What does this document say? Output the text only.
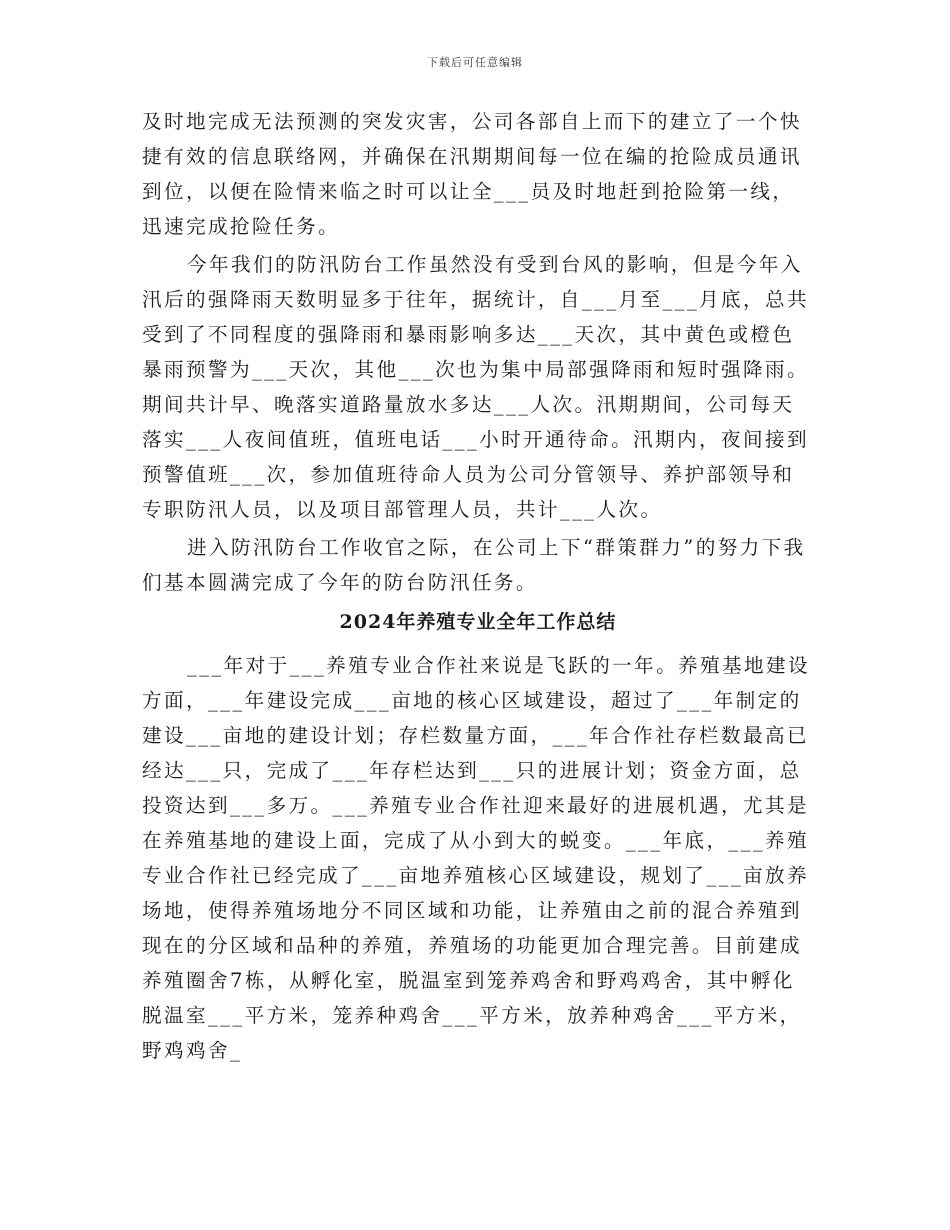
下载后可任意编辑

及时地完成无法预测的突发灾害，公司各部自上而下的建立了一个快捷有效的信息联络网，并确保在汛期期间每一位在编的抢险成员通讯到位，以便在险情来临之时可以让全___员及时地赶到抢险第一线，迅速完成抢险任务。

今年我们的防汛防台工作虽然没有受到台风的影响，但是今年入汛后的强降雨天数明显多于往年，据统计，自___月至___月底，总共受到了不同程度的强降雨和暴雨影响多达___天次，其中黄色或橙色暴雨预警为___天次，其他___次也为集中局部强降雨和短时强降雨。期间共计早、晚落实道路量放水多达___人次。汛期期间，公司每天落实___人夜间值班，值班电话___小时开通待命。汛期内，夜间接到预警值班___次，参加值班待命人员为公司分管领导、养护部领导和专职防汛人员，以及项目部管理人员，共计___人次。

进入防汛防台工作收官之际，在公司上下“群策群力”的努力下我们基本圆满完成了今年的防台防汛任务。

2024年养殖专业全年工作总结

___年对于___养殖专业合作社来说是飞跃的一年。养殖基地建设方面，___年建设完成___亩地的核心区域建设，超过了___年制定的建设___亩地的建设计划；存栏数量方面，___年合作社存栏数最高已经达___只，完成了___年存栏达到___只的进展计划；资金方面，总投资达到___多万。___养殖专业合作社迎来最好的进展机遇，尤其是在养殖基地的建设上面，完成了从小到大的蜕变。___年底，___养殖专业合作社已经完成了___亩地养殖核心区域建设，规划了___亩放养场地，使得养殖场地分不同区域和功能，让养殖由之前的混合养殖到现在的分区域和品种的养殖，养殖场的功能更加合理完善。目前建成养殖圈舍7栋，从孵化室，脱温室到笼养鸡舍和野鸡鸡舍，其中孵化脱温室___平方米，笼养种鸡舍___平方米，放养种鸡舍___平方米，野鸡鸡舍_
